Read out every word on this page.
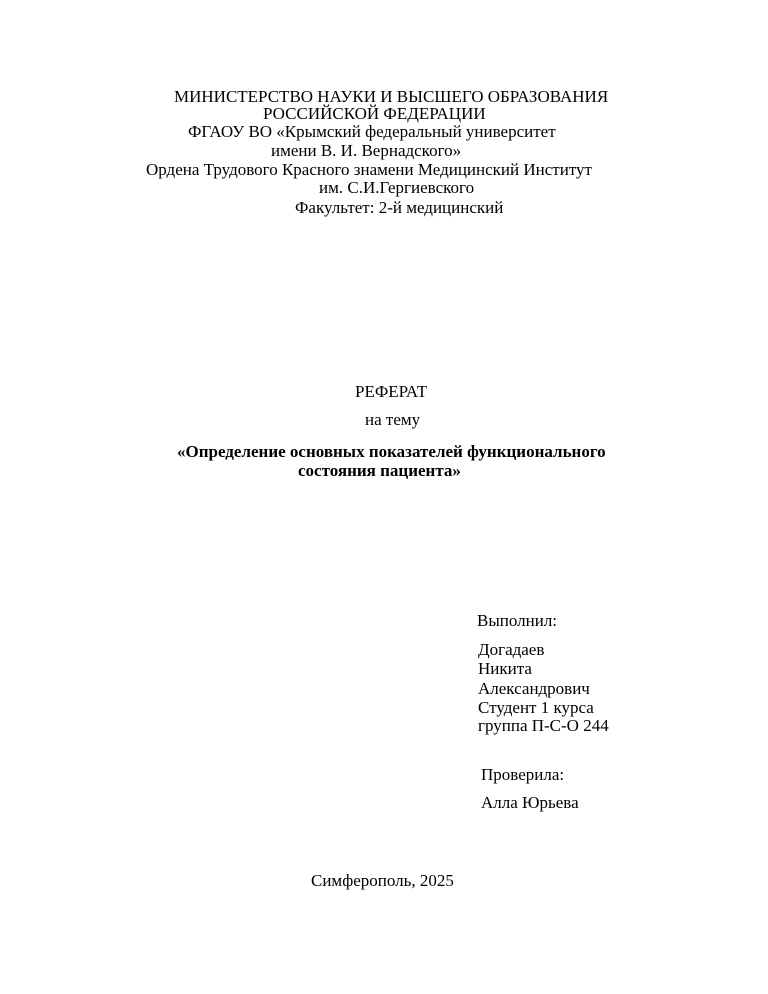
МИНИСТЕРСТВО НАУКИ И ВЫСШЕГО ОБРАЗОВАНИЯ
РОССИЙСКОЙ ФЕДЕРАЦИИ
ФГАОУ ВО «Крымский федеральный университет
имени В. И. Вернадского»
Ордена Трудового Красного знамени Медицинский Институт
им. С.И.Гергиевского
Факультет: 2-й медицинский
РЕФЕРАТ
на тему
«Определение основных показателей функционального
состояния пациента»
Выполнил:
Догадаев
Никита
Александрович
Студент 1 курса
группа П-С-О 244
Проверила:
Алла Юрьева
Симферополь, 2025
